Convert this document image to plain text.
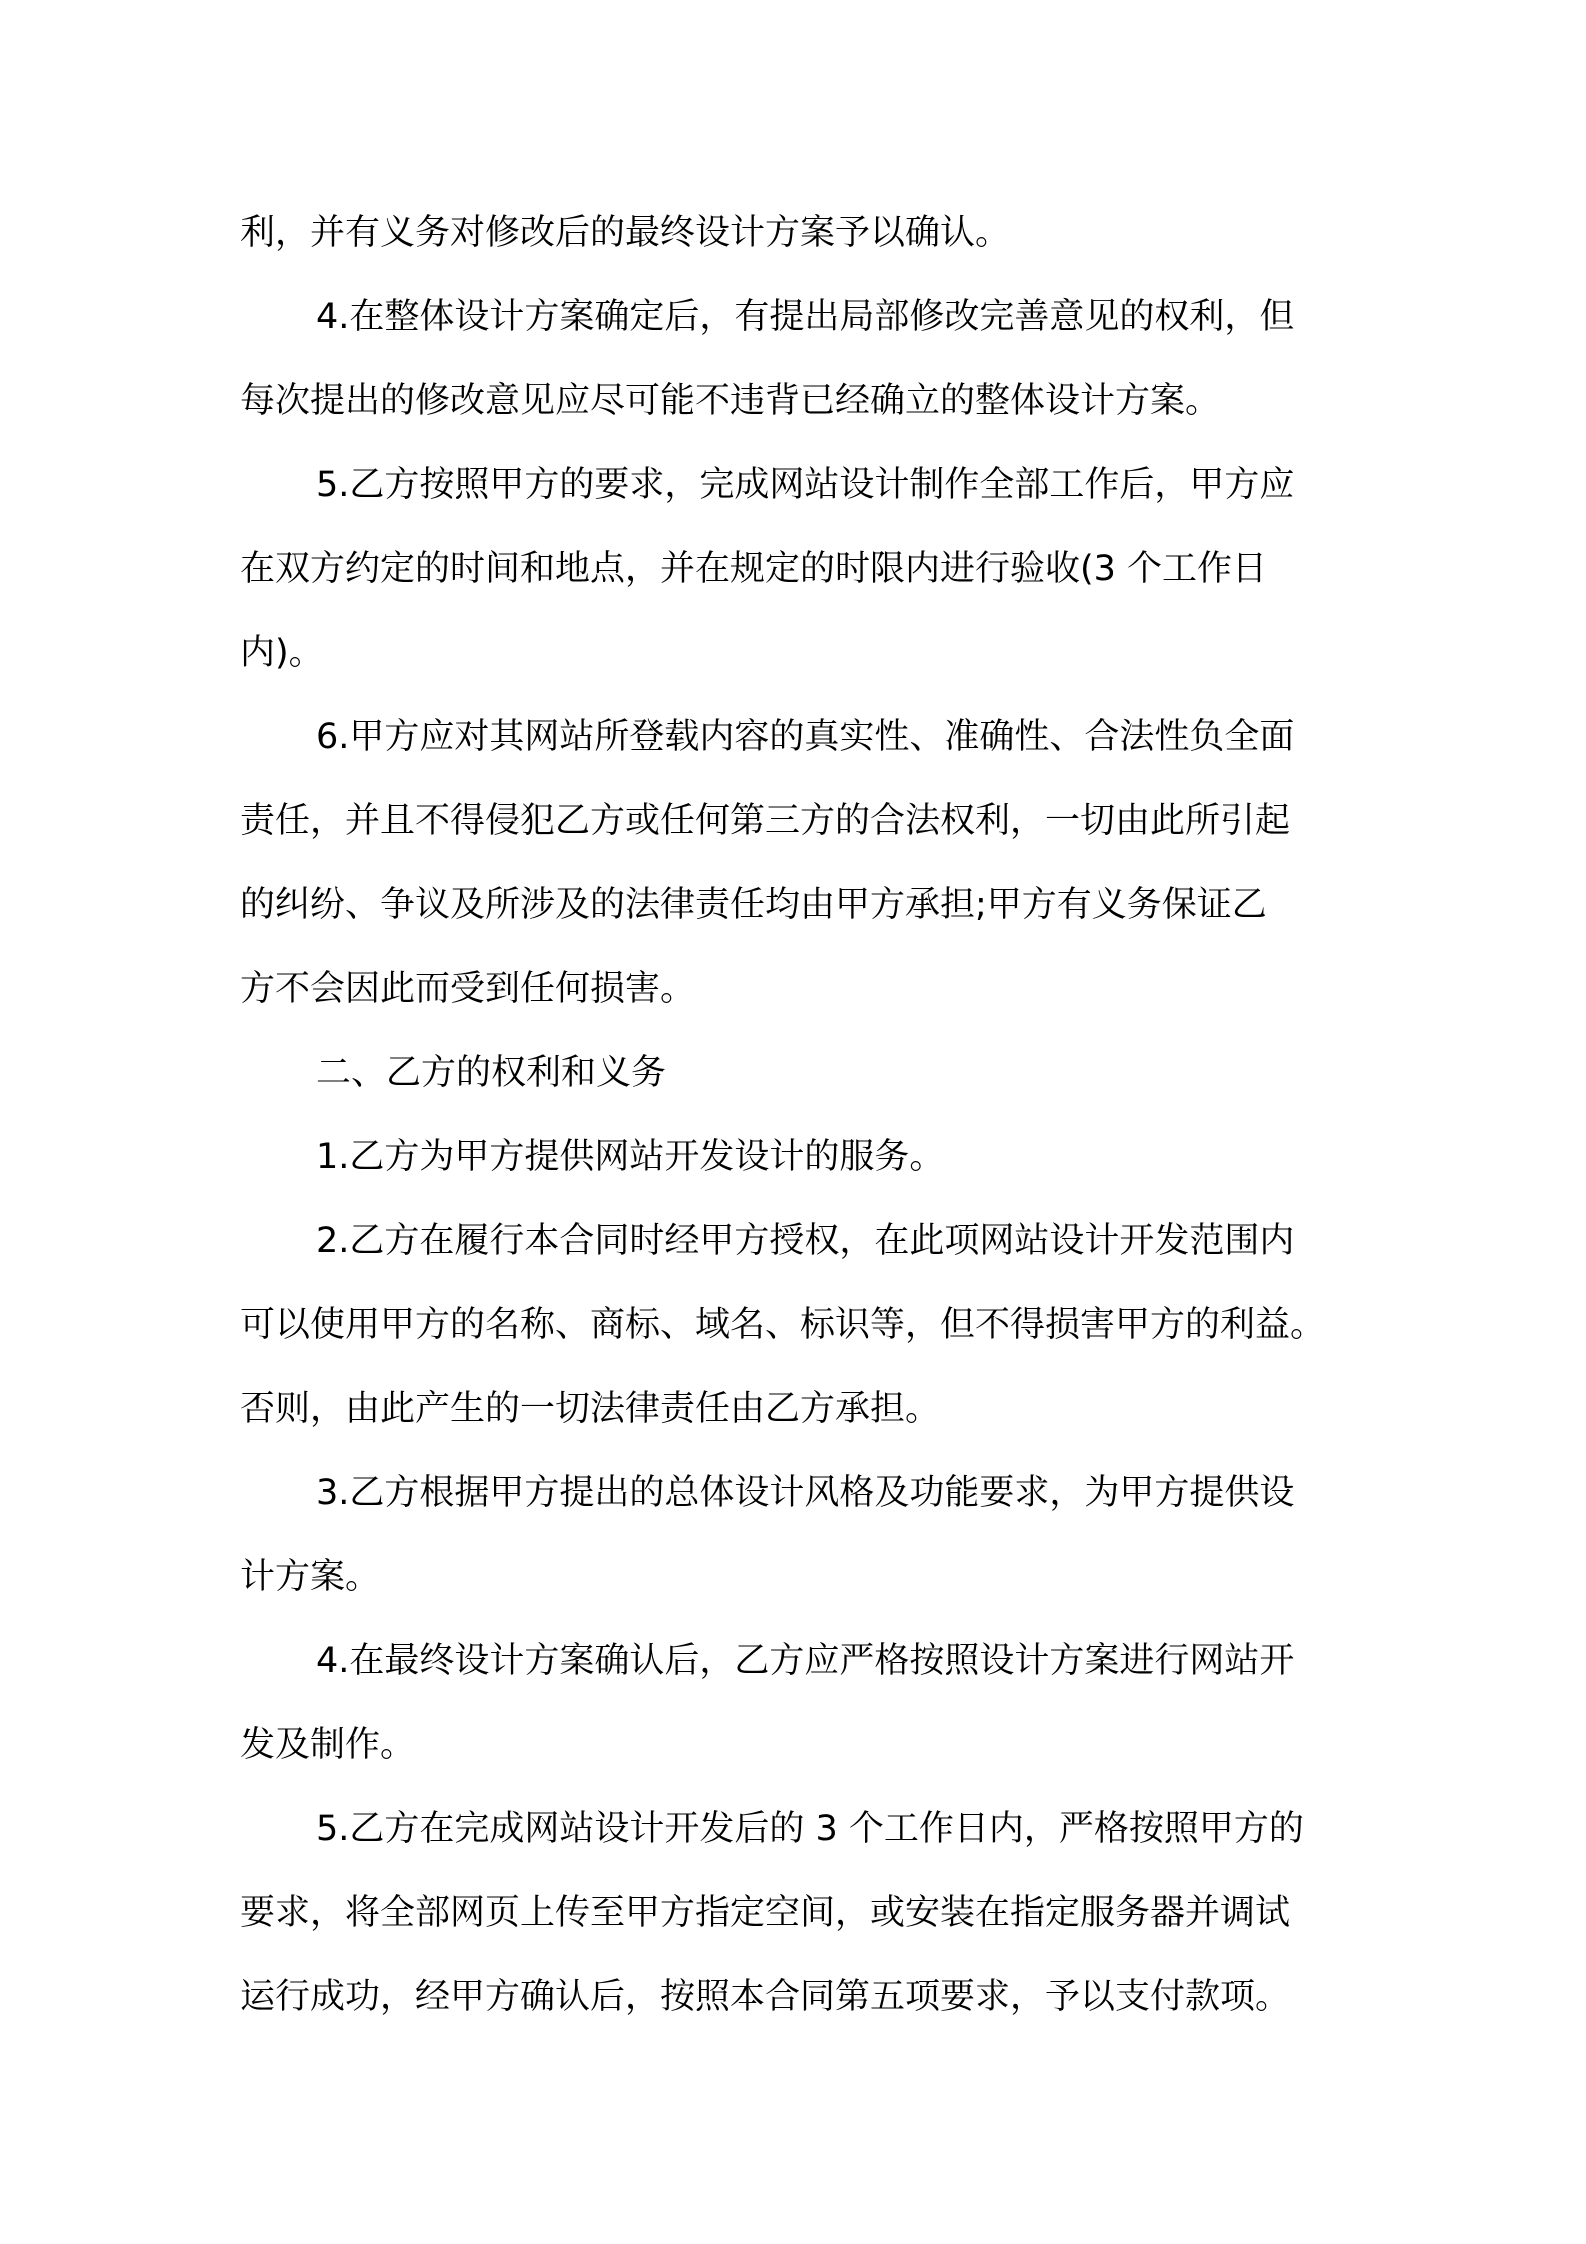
利，并有义务对修改后的最终设计方案予以确认。

4.在整体设计方案确定后，有提出局部修改完善意见的权利，但

每次提出的修改意见应尽可能不违背已经确立的整体设计方案。

5.乙方按照甲方的要求，完成网站设计制作全部工作后，甲方应

在双方约定的时间和地点，并在规定的时限内进行验收(3 个工作日

内)。

6.甲方应对其网站所登载内容的真实性、准确性、合法性负全面

责任，并且不得侵犯乙方或任何第三方的合法权利，一切由此所引起

的纠纷、争议及所涉及的法律责任均由甲方承担;甲方有义务保证乙

方不会因此而受到任何损害。

二、乙方的权利和义务

1.乙方为甲方提供网站开发设计的服务。

2.乙方在履行本合同时经甲方授权，在此项网站设计开发范围内

可以使用甲方的名称、商标、域名、标识等，但不得损害甲方的利益。

否则，由此产生的一切法律责任由乙方承担。

3.乙方根据甲方提出的总体设计风格及功能要求，为甲方提供设

计方案。

4.在最终设计方案确认后，乙方应严格按照设计方案进行网站开

发及制作。

5.乙方在完成网站设计开发后的 3 个工作日内，严格按照甲方的

要求，将全部网页上传至甲方指定空间，或安装在指定服务器并调试

运行成功，经甲方确认后，按照本合同第五项要求，予以支付款项。
